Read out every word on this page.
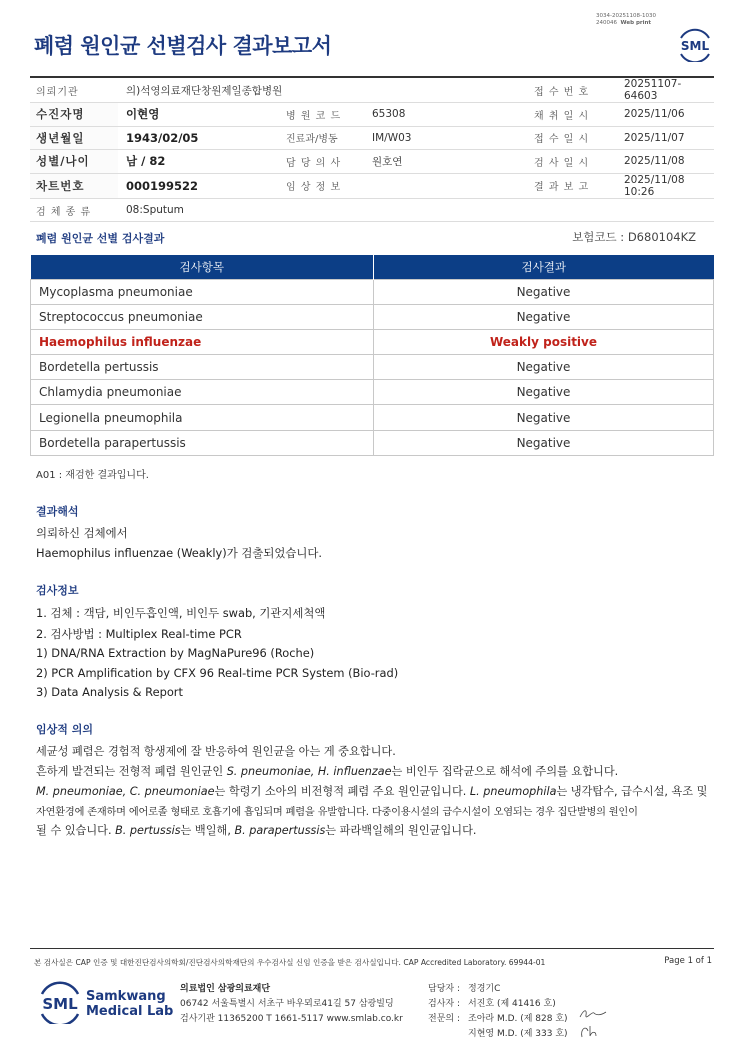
폐렴 원인균 선별검사 결과보고서
3034-20251108-1030
240046 Web print
SML
의뢰기관	의)석영의료재단창원제일종합병원			접 수 번 호	20251107-64603
수진자명	이현영	병 원 코 드	65308	채 취 일 시	2025/11/06
생년월일	1943/02/05	진료과/병동	IM/W03	접 수 일 시	2025/11/07
성별/나이	남 / 82	담 당 의 사	원호연	검 사 일 시	2025/11/08
차트번호	000199522	임 상 정 보		결 과 보 고	2025/11/08 10:26
검 체 종 류	08:Sputum				
폐렴 원인균 선별 검사결과	보험코드 : D680104KZ
검사항목	검사결과
Mycoplasma pneumoniae	Negative
Streptococcus pneumoniae	Negative
Haemophilus influenzae	Weakly positive
Bordetella pertussis	Negative
Chlamydia pneumoniae	Negative
Legionella pneumophila	Negative
Bordetella parapertussis	Negative
A01 : 재검한 결과입니다.
결과해석
의뢰하신 검체에서
Haemophilus influenzae (Weakly)가 검출되었습니다.
검사정보
1. 검체 : 객담, 비인두흡인액, 비인두 swab, 기관지세척액
2. 검사방법 : Multiplex Real-time PCR
1) DNA/RNA Extraction by MagNaPure96 (Roche)
2) PCR Amplification by CFX 96 Real-time PCR System (Bio-rad)
3) Data Analysis & Report
임상적 의의
세균성 폐렴은 경험적 항생제에 잘 반응하여 원인균을 아는 게 중요합니다.
흔하게 발견되는 전형적 폐렴 원인균인 S. pneumoniae, H. influenzae는 비인두 집락균으로 해석에 주의를 요합니다.
M. pneumoniae, C. pneumoniae는 학령기 소아의 비전형적 폐렴 주요 원인균입니다. L. pneumophila는 냉각탑수, 급수시설, 욕조 및
자연환경에 존재하며 에어로졸 형태로 호흡기에 흡입되며 폐렴을 유발합니다. 다중이용시설의 급수시설이 오염되는 경우 집단발병의 원인이
될 수 있습니다. B. pertussis는 백일해, B. parapertussis는 파라백일해의 원인균입니다.
본 검사실은 CAP 인증 및 대한진단검사의학회/진단검사의학재단의 우수검사실 신임 인증을 받은 검사실입니다. CAP Accredited Laboratory. 69944-01	Page 1 of 1
SML Samkwang
Medical Lab
의료법인 삼광의료재단
06742 서울특별시 서초구 바우뫼로41길 57 삼광빌딩
검사기관 11365200 T 1661-5117 www.smlab.co.kr
담당자 : 정경기C
검사자 : 서진호 (제 41416 호)
전문의 : 조아라 M.D. (제 828 호)
지현영 M.D. (제 333 호)
